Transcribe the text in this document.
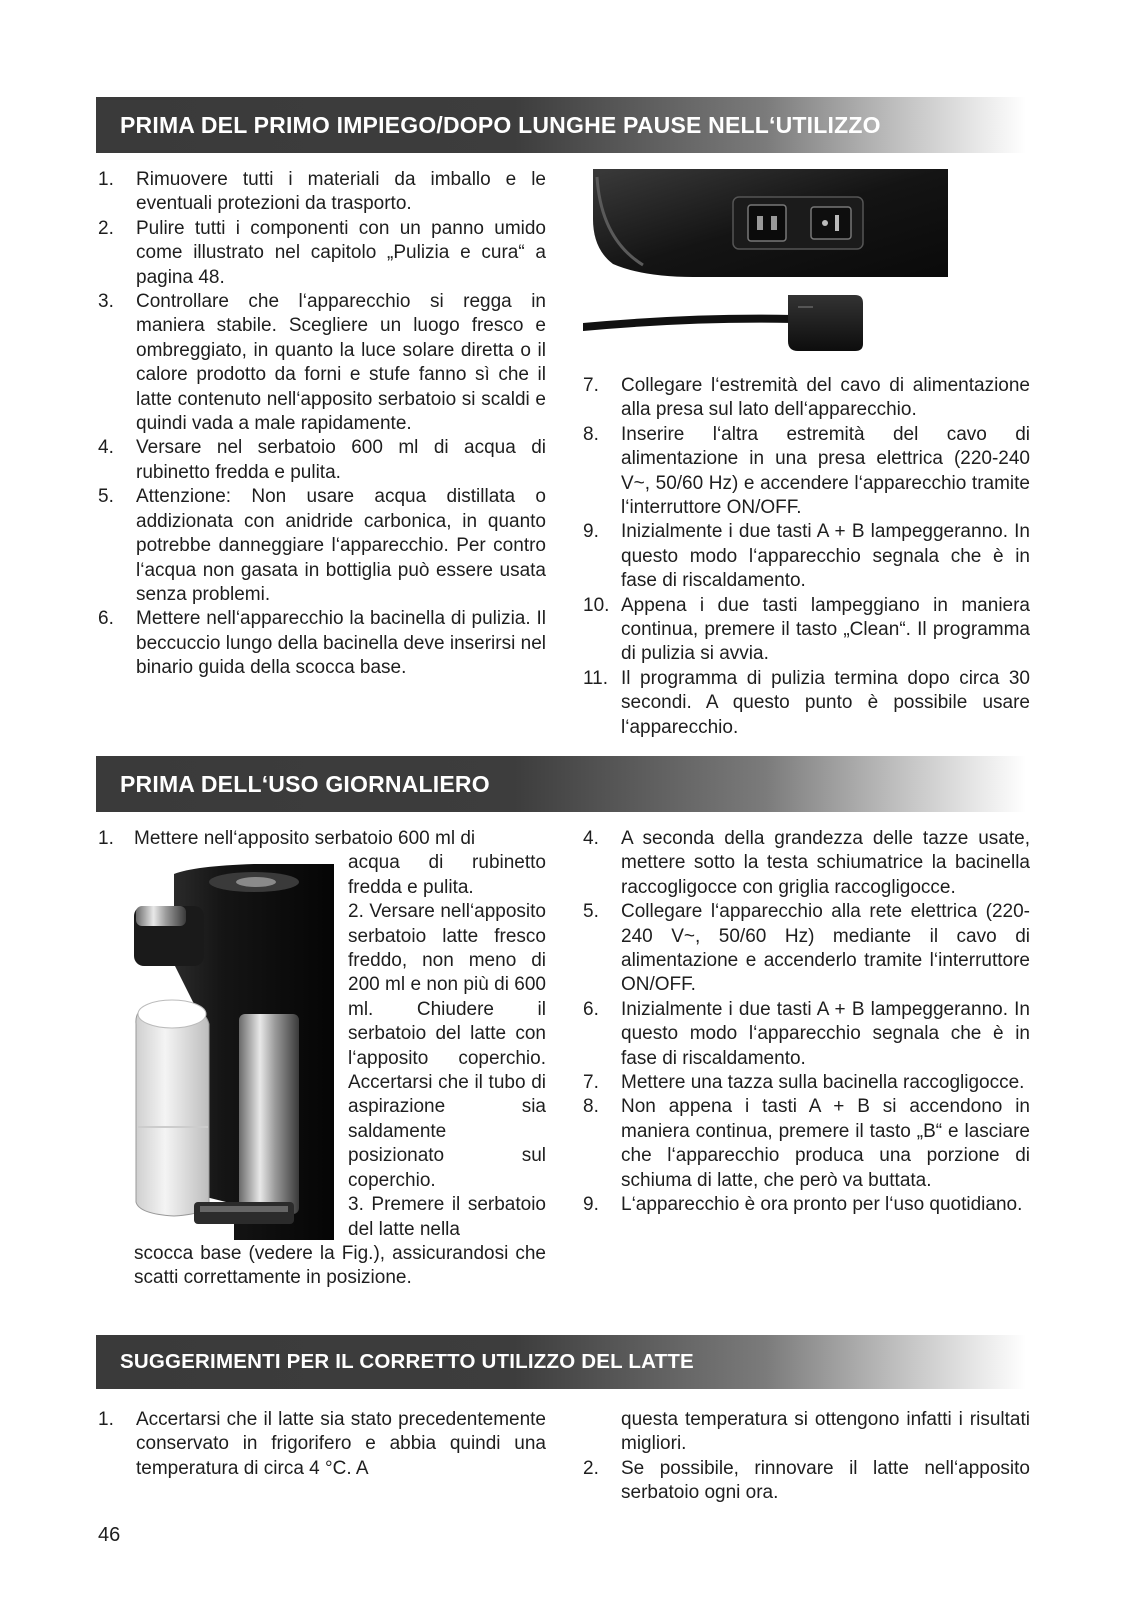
PRIMA DEL PRIMO IMPIEGO/DOPO LUNGHE PAUSE NELL‘UTILIZZO
1. Rimuovere tutti i materiali da imballo e le eventuali protezioni da trasporto.
2. Pulire tutti i componenti con un panno umido come illustrato nel capitolo „Pulizia e cura“ a pagina 48.
3. Controllare che l‘apparecchio si regga in maniera stabile. Scegliere un luogo fresco e ombreggiato, in quanto la luce solare diretta o il calore prodotto da forni e stufe fanno sì che il latte contenuto nell‘apposito serbatoio si scaldi e quindi vada a male rapidamente.
4. Versare nel serbatoio 600 ml di acqua di rubinetto fredda e pulita.
5. Attenzione: Non usare acqua distillata o addizionata con anidride carbonica, in quanto potrebbe danneggiare l‘apparecchio. Per contro l‘acqua non gasata in bottiglia può essere usata senza problemi.
6. Mettere nell‘apparecchio la bacinella di pulizia. Il beccuccio lungo della bacinella deve inserirsi nel binario guida della scocca base.
7. Collegare l‘estremità del cavo di alimentazione alla presa sul lato dell‘apparecchio.
8. Inserire l‘altra estremità del cavo di alimentazione in una presa elettrica (220-240 V~, 50/60 Hz) e accendere l‘apparecchio tramite l‘interruttore ON/OFF.
9. Inizialmente i due tasti A + B lampeggeranno. In questo modo l‘apparecchio segnala che è in fase di riscaldamento.
10. Appena i due tasti lampeggiano in maniera continua, premere il tasto „Clean“. Il programma di pulizia si avvia.
11. Il programma di pulizia termina dopo circa 30 secondi. A questo punto è possibile usare l‘apparecchio.
PRIMA DELL‘USO GIORNALIERO
1. Mettere nell‘apposito serbatoio 600 ml di
acqua di rubinetto fredda e pulita.
2. Versare nell‘apposito serbatoio latte fresco freddo, non meno di 200 ml e non più di 600 ml. Chiudere il serbatoio del latte con l‘apposito coperchio. Accertarsi che il tubo di aspirazione sia saldamente posizionato sul coperchio.
3. Premere il serbatoio del latte nella
scocca base (vedere la Fig.), assicurandosi che scatti correttamente in posizione.
4. A seconda della grandezza delle tazze usate, mettere sotto la testa schiumatrice la bacinella raccogligocce con griglia raccogligocce.
5. Collegare l‘apparecchio alla rete elettrica (220-240 V~, 50/60 Hz) mediante il cavo di alimentazione e accenderlo tramite l‘interruttore ON/OFF.
6. Inizialmente i due tasti A + B lampeggeranno. In questo modo l‘apparecchio segnala che è in fase di riscaldamento.
7. Mettere una tazza sulla bacinella raccogligocce.
8. Non appena i tasti A + B si accendono in maniera continua, premere il tasto „B“ e lasciare che l‘apparecchio produca una porzione di schiuma di latte, che però va buttata.
9. L‘apparecchio è ora pronto per l‘uso quotidiano.
SUGGERIMENTI PER IL CORRETTO UTILIZZO DEL LATTE
1. Accertarsi che il latte sia stato precedentemente conservato in frigorifero e abbia quindi una temperatura di circa 4 °C. A
questa temperatura si ottengono infatti i risultati migliori.
2. Se possibile, rinnovare il latte nell‘apposito serbatoio ogni ora.
46
